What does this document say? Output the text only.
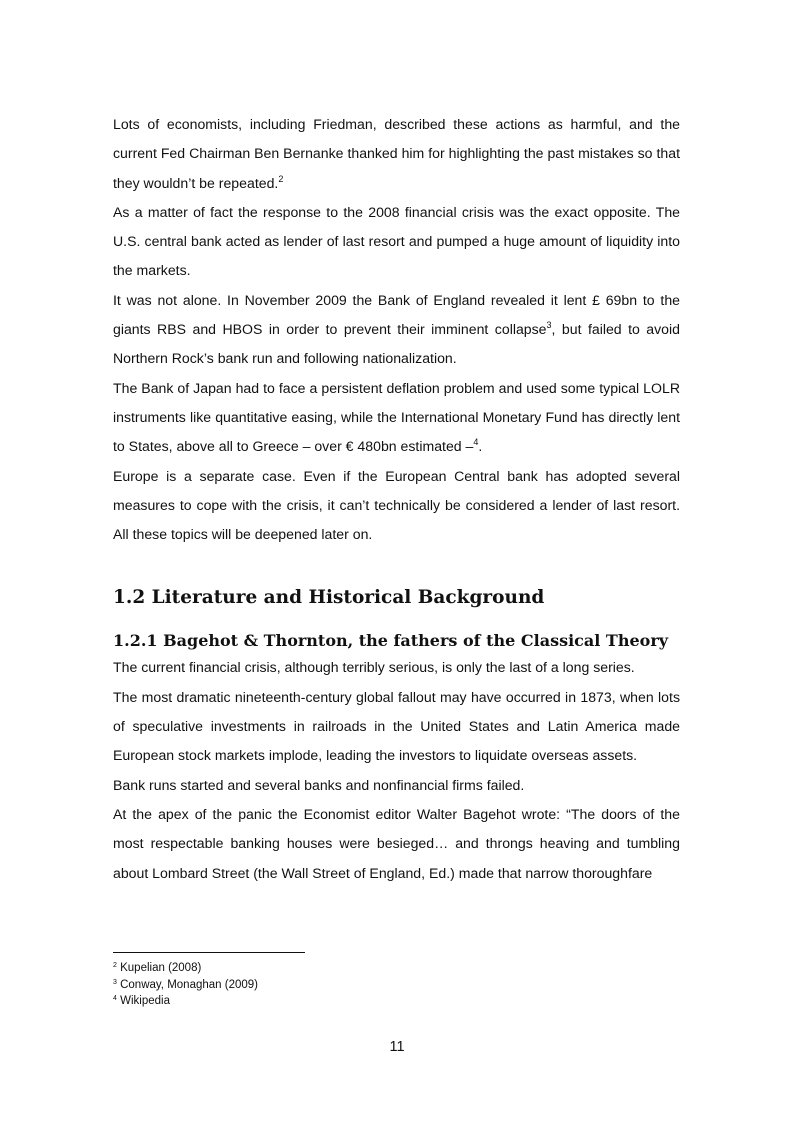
Lots of economists, including Friedman, described these actions as harmful, and the current Fed Chairman Ben Bernanke thanked him for highlighting the past mistakes so that they wouldn’t be repeated.$^2$

As a matter of fact the response to the 2008 financial crisis was the exact opposite. The U.S. central bank acted as lender of last resort and pumped a huge amount of liquidity into the markets.

It was not alone. In November 2009 the Bank of England revealed it lent £ 69bn to the giants RBS and HBOS in order to prevent their imminent collapse$^3$, but failed to avoid Northern Rock’s bank run and following nationalization.

The Bank of Japan had to face a persistent deflation problem and used some typical LOLR instruments like quantitative easing, while the International Monetary Fund has directly lent to States, above all to Greece – over € 480bn estimated –$^4$.

Europe is a separate case. Even if the European Central bank has adopted several measures to cope with the crisis, it can’t technically be considered a lender of last resort. All these topics will be deepened later on.

1.2 Literature and Historical Background
1.2.1 Bagehot & Thornton, the fathers of the Classical Theory

The current financial crisis, although terribly serious, is only the last of a long series.

The most dramatic nineteenth-century global fallout may have occurred in 1873, when lots of speculative investments in railroads in the United States and Latin America made European stock markets implode, leading the investors to liquidate overseas assets.

Bank runs started and several banks and nonfinancial firms failed.

At the apex of the panic the Economist editor Walter Bagehot wrote: “The doors of the most respectable banking houses were besieged… and throngs heaving and tumbling about Lombard Street (the Wall Street of England, Ed.) made that narrow thoroughfare

$^2$ Kupelian (2008)
$^3$ Conway, Monaghan (2009)
$^4$ Wikipedia
11
